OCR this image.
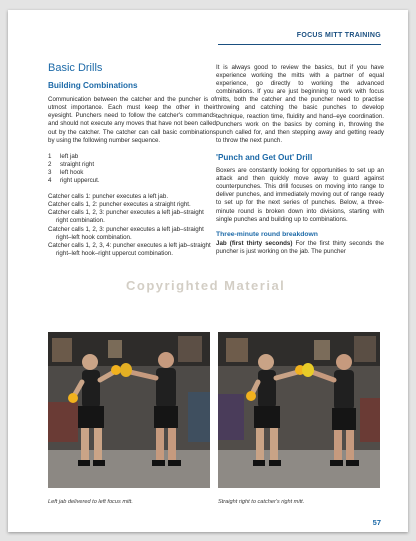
FOCUS MITT TRAINING
Basic Drills
Building Combinations

Communication between the catcher and the puncher is of utmost importance. Each must keep the other in their eyesight. Punchers need to follow the catcher's commands and should not execute any moves that have not been called out by the catcher. The catcher can call basic combinations by using the following number sequence.

1	left jab
2	straight right
3	left hook
4	right uppercut.

Catcher calls 1: puncher executes a left jab.

Catcher calls 1, 2: puncher executes a straight right.

Catcher calls 1, 2, 3: puncher executes a left jab–straight right combination.

Catcher calls 1, 2, 3: puncher executes a left jab–straight right–left hook combination.

Catcher calls 1, 2, 3, 4: puncher executes a left jab–straight right–left hook–right uppercut combination.

It is always good to review the basics, but if you have experience working the mitts with a partner of equal experience, go directly to working the advanced combinations. If you are just beginning to work with focus mitts, both the catcher and the puncher need to practise throwing and catching the basic punches to develop technique, reaction time, fluidity and hand–eye coordination. Punchers work on the basics by coming in, throwing the punch called for, and then stepping away and getting ready to throw the next punch.

'Punch and Get Out' Drill

Boxers are constantly looking for opportunities to set up an attack and then quickly move away to guard against counterpunches. This drill focuses on moving into range to deliver punches, and immediately moving out of range ready to set up for the next series of punches. Below, a three-minute round is broken down into divisions, starting with single punches and building up to combinations.

Three-minute round breakdown

Jab (first thirty seconds) For the first thirty seconds the puncher is just working on the jab. The puncher

Copyrighted Material
Left jab delivered to left focus mitt.	Straight right to catcher's right mitt.
57
